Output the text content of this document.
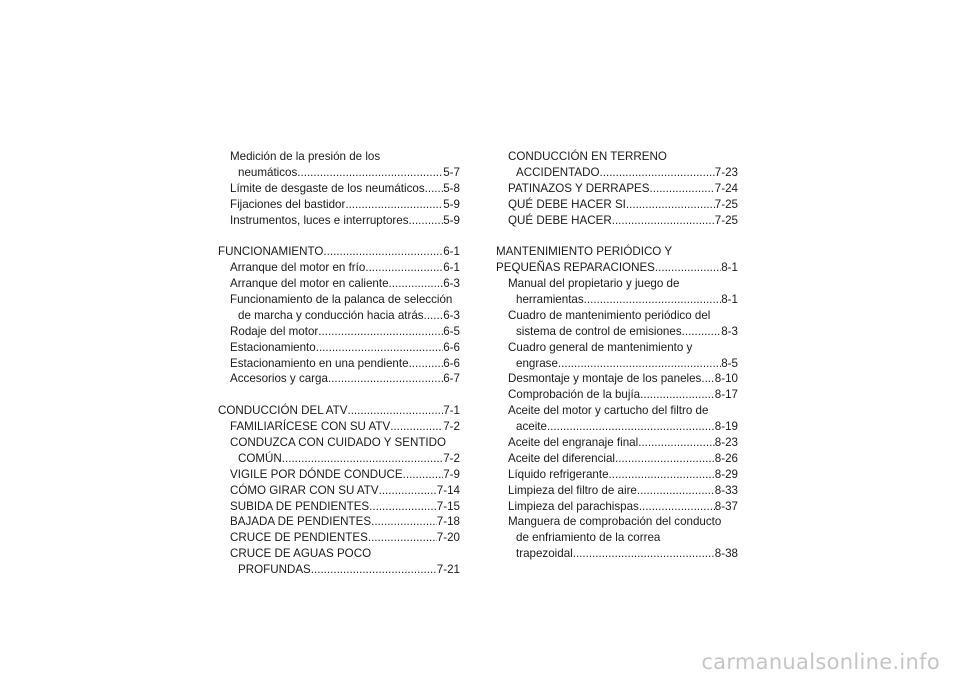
Medición de la presión de los
neumáticos .....	5-7
Límite de desgaste de los neumáticos ..... 5-8
Fijaciones del bastidor .....	5-9
Instrumentos, luces e interruptores .....	5-9
FUNCIONAMIENTO .....	6-1
Arranque del motor en frío .....	6-1
Arranque del motor en caliente .....	6-3
Funcionamiento de la palanca de selección
de marcha y conducción hacia atrás ..... 6-3
Rodaje del motor .....	6-5
Estacionamiento .....	6-6
Estacionamiento en una pendiente .....	6-6
Accesorios y carga .....	6-7
CONDUCCIÓN DEL ATV .....	7-1
FAMILIARÍCESE CON SU ATV .....	7-2
CONDUZCA CON CUIDADO Y SENTIDO
COMÚN .....	7-2
VIGILE POR DÓNDE CONDUCE .....	7-9
CÓMO GIRAR CON SU ATV .....	7-14
SUBIDA DE PENDIENTES .....	7-15
BAJADA DE PENDIENTES .....	7-18
CRUCE DE PENDIENTES .....	7-20
CRUCE DE AGUAS POCO
PROFUNDAS .....	7-21
CONDUCCIÓN EN TERRENO
ACCIDENTADO .....	7-23
PATINAZOS Y DERRAPES .....	7-24
QUÉ DEBE HACER SI... .....	7-25
QUÉ DEBE HACER .....	7-25
MANTENIMIENTO PERIÓDICO Y
PEQUEÑAS REPARACIONES .....	8-1
Manual del propietario y juego de
herramientas .....	8-1
Cuadro de mantenimiento periódico del
sistema de control de emisiones .....	8-3
Cuadro general de mantenimiento y
engrase .....	8-5
Desmontaje y montaje de los paneles ..... 8-10
Comprobación de la bujía .....	8-17
Aceite del motor y cartucho del filtro de
aceite .....	8-19
Aceite del engranaje final .....	8-23
Aceite del diferencial .....	8-26
Líquido refrigerante .....	8-29
Limpieza del filtro de aire .....	8-33
Limpieza del parachispas .....	8-37
Manguera de comprobación del conducto
de enfriamiento de la correa
trapezoidal .....	8-38
carmanualsonline.info
